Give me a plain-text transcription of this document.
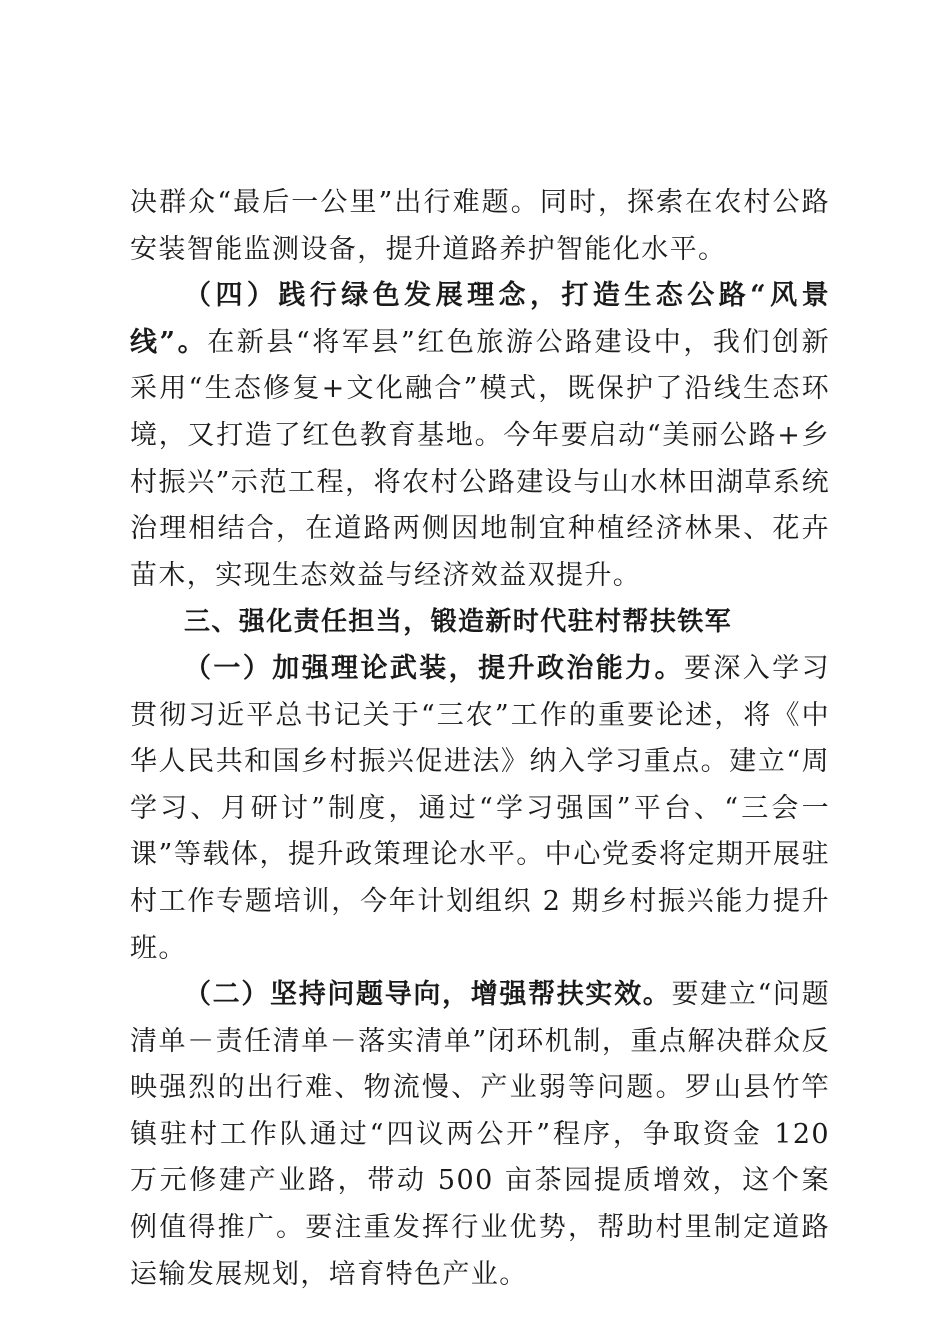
决群众“最后一公里”出行难题。同时，探索在农村公路安装智能监测设备，提升道路养护智能化水平。

（四）践行绿色发展理念，打造生态公路“风景线”。在新县“将军县”红色旅游公路建设中，我们创新采用“生态修复+文化融合”模式，既保护了沿线生态环境，又打造了红色教育基地。今年要启动“美丽公路+乡村振兴”示范工程，将农村公路建设与山水林田湖草系统治理相结合，在道路两侧因地制宜种植经济林果、花卉苗木，实现生态效益与经济效益双提升。

三、强化责任担当，锻造新时代驻村帮扶铁军

（一）加强理论武装，提升政治能力。要深入学习贯彻习近平总书记关于“三农”工作的重要论述，将《中华人民共和国乡村振兴促进法》纳入学习重点。建立“周学习、月研讨”制度，通过“学习强国”平台、“三会一课”等载体，提升政策理论水平。中心党委将定期开展驻村工作专题培训，今年计划组织 2 期乡村振兴能力提升班。

（二）坚持问题导向，增强帮扶实效。要建立“问题清单－责任清单－落实清单”闭环机制，重点解决群众反映强烈的出行难、物流慢、产业弱等问题。罗山县竹竿镇驻村工作队通过“四议两公开”程序，争取资金 120 万元修建产业路，带动 500 亩茶园提质增效，这个案例值得推广。要注重发挥行业优势，帮助村里制定道路运输发展规划，培育特色产业。
